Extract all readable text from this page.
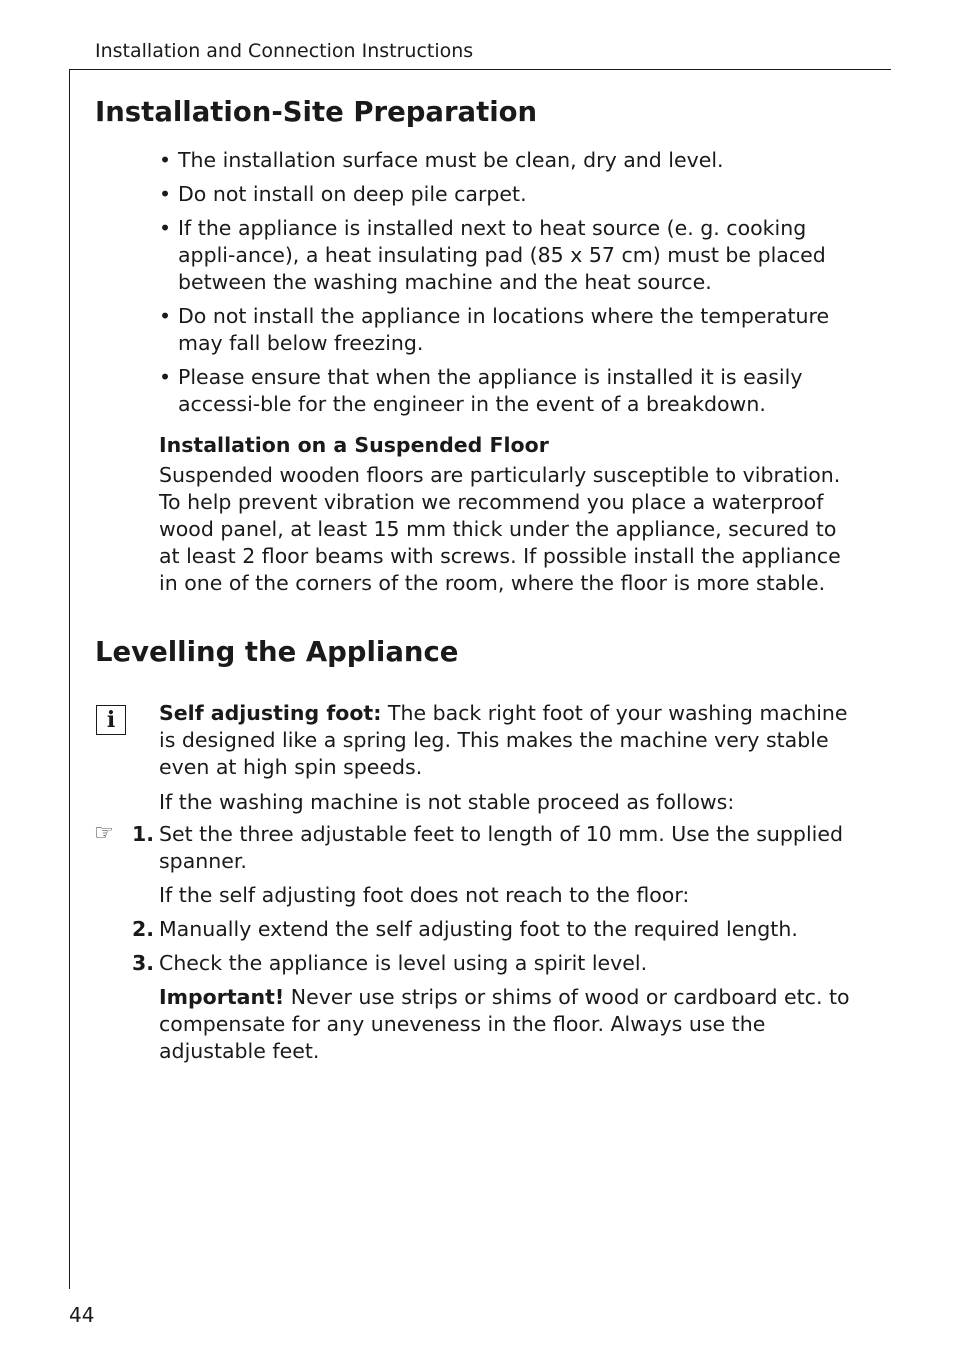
Installation and Connection Instructions
Installation-Site Preparation
• The installation surface must be clean, dry and level.
• Do not install on deep pile carpet.
• If the appliance is installed next to heat source (e. g. cooking appli-ance), a heat insulating pad (85 x 57 cm) must be placed between the washing machine and the heat source.
• Do not install the appliance in locations where the temperature may fall below freezing.
• Please ensure that when the appliance is installed it is easily accessi-ble for the engineer in the event of a breakdown.
Installation on a Suspended Floor

Suspended wooden floors are particularly susceptible to vibration. To help prevent vibration we recommend you place a waterproof wood panel, at least 15 mm thick under the appliance, secured to at least 2 floor beams with screws. If possible install the appliance in one of the corners of the room, where the floor is more stable.

Levelling the Appliance
i	Self adjusting foot: The back right foot of your washing machine is designed like a spring leg. This makes the machine very stable even at high spin speeds.

If the washing machine is not stable proceed as follows:

☞ 1. Set the three adjustable feet to length of 10 mm. Use the supplied spanner.

If the self adjusting foot does not reach to the floor:

2. Manually extend the self adjusting foot to the required length.
3. Check the appliance is level using a spirit level.

Important! Never use strips or shims of wood or cardboard etc. to compensate for any uneveness in the floor. Always use the adjustable feet.

44
